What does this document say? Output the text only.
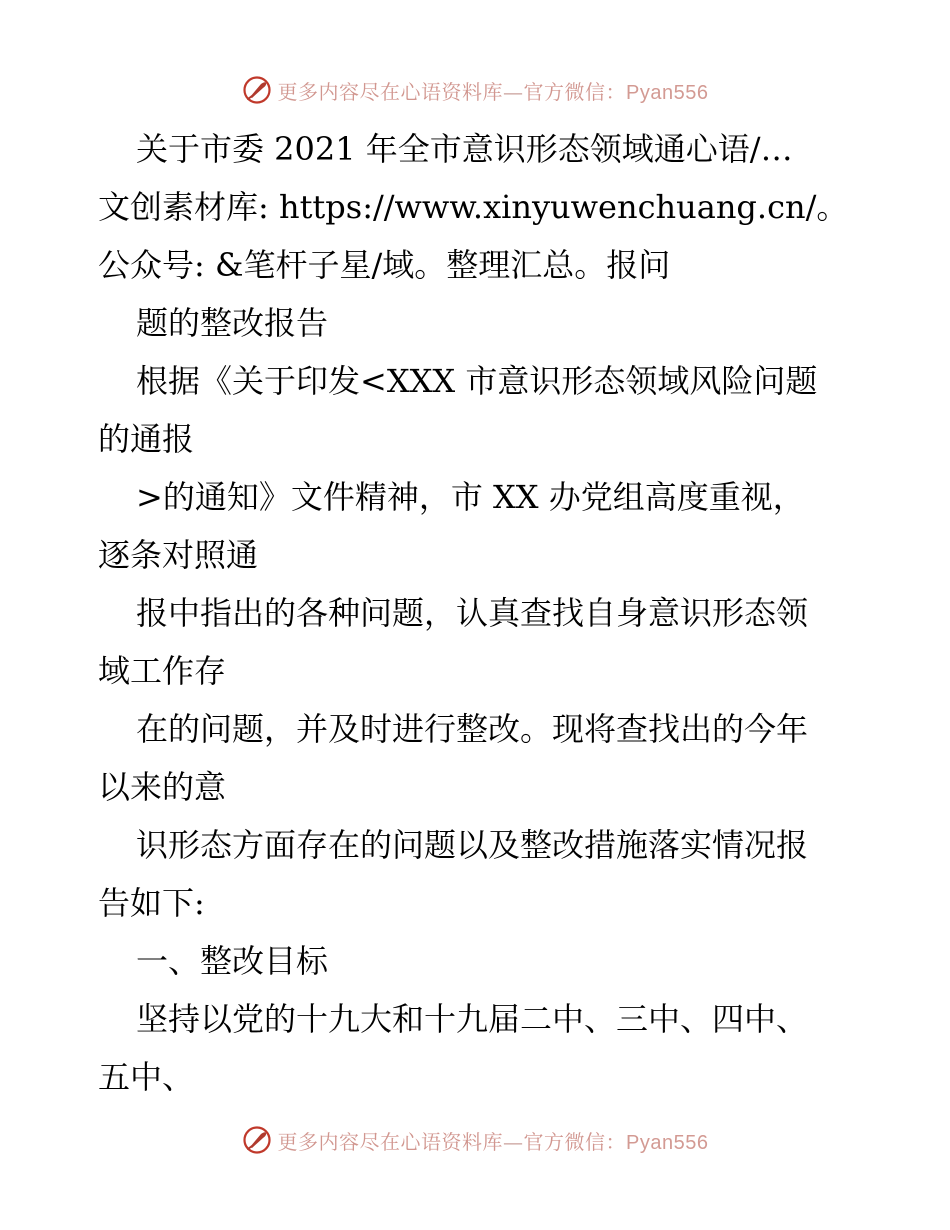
更多内容尽在心语资料库—官方微信：Pyan556
关于市委 2021 年全市意识形态领域通心语/…
文创素材库: https://www.xinyuwenchuang.cn/。
公众号: &笔杆子星/域。整理汇总。报问
题的整改报告
根据《关于印发<XXX 市意识形态领域风险问题
的通报
>的通知》文件精神，市 XX 办党组高度重视，
逐条对照通
报中指出的各种问题，认真查找自身意识形态领
域工作存
在的问题，并及时进行整改。现将查找出的今年
以来的意
识形态方面存在的问题以及整改措施落实情况报
告如下:
一、整改目标
坚持以党的十九大和十九届二中、三中、四中、
五中、
更多内容尽在心语资料库—官方微信：Pyan556
